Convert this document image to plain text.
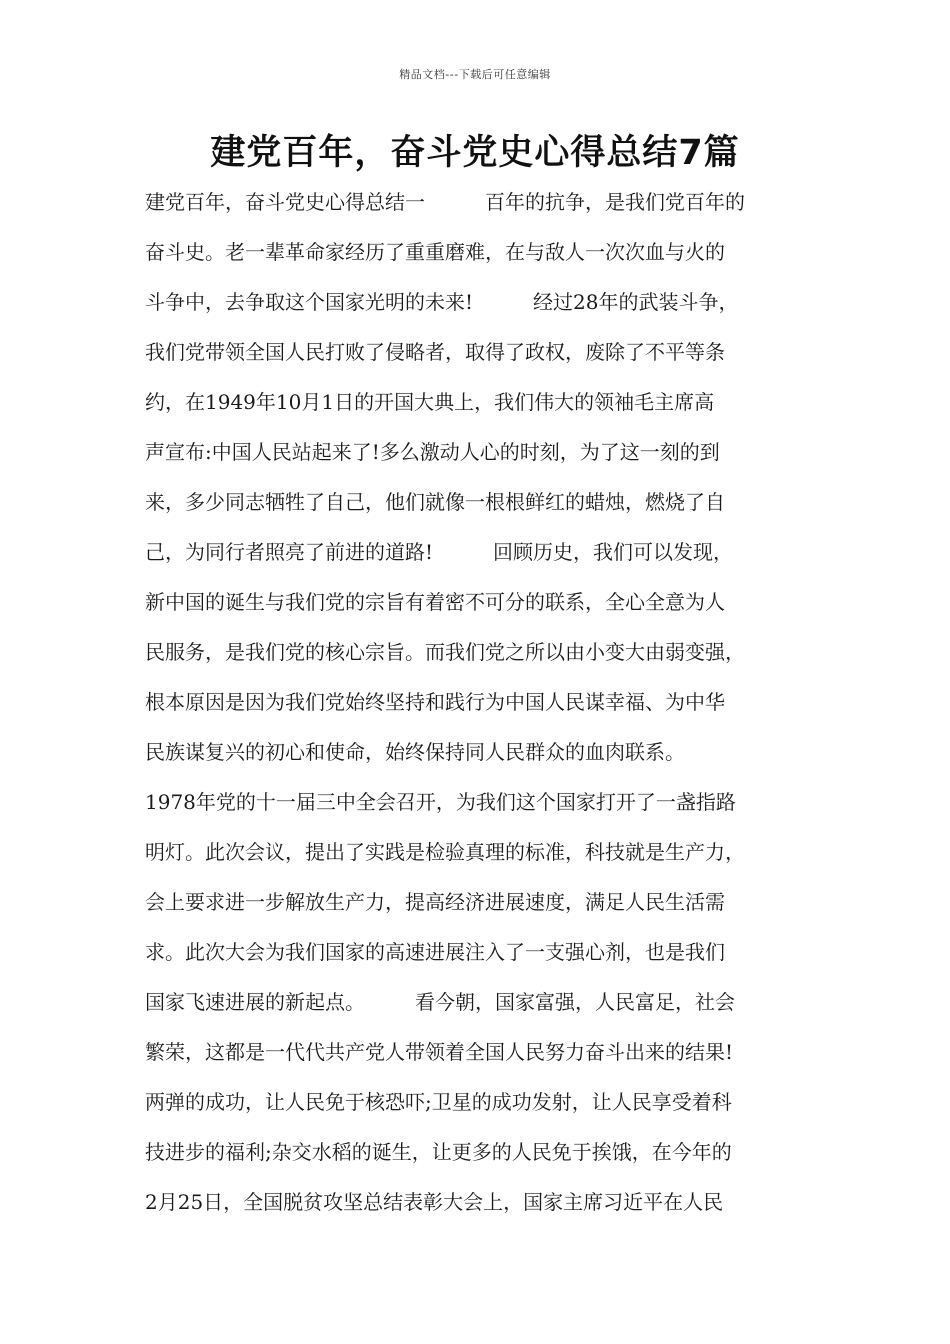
精品文档---下载后可任意编辑
建党百年，奋斗党史心得总结7篇
建党百年，奋斗党史心得总结一　　　百年的抗争，是我们党百年的
奋斗史。老一辈革命家经历了重重磨难，在与敌人一次次血与火的
斗争中，去争取这个国家光明的未来!　　　经过28年的武装斗争，
我们党带领全国人民打败了侵略者，取得了政权，废除了不平等条
约，在1949年10月1日的开国大典上，我们伟大的领袖毛主席高
声宣布:中国人民站起来了!多么激动人心的时刻，为了这一刻的到
来，多少同志牺牲了自己，他们就像一根根鲜红的蜡烛，燃烧了自
己，为同行者照亮了前进的道路!　　　回顾历史，我们可以发现，
新中国的诞生与我们党的宗旨有着密不可分的联系，全心全意为人
民服务，是我们党的核心宗旨。而我们党之所以由小变大由弱变强，
根本原因是因为我们党始终坚持和践行为中国人民谋幸福、为中华
民族谋复兴的初心和使命，始终保持同人民群众的血肉联系。
1978年党的十一届三中全会召开，为我们这个国家打开了一盏指路
明灯。此次会议，提出了实践是检验真理的标准，科技就是生产力，
会上要求进一步解放生产力，提高经济进展速度，满足人民生活需
求。此次大会为我们国家的高速进展注入了一支强心剂，也是我们
国家飞速进展的新起点。　　　看今朝，国家富强，人民富足，社会
繁荣，这都是一代代共产党人带领着全国人民努力奋斗出来的结果!
两弹的成功，让人民免于核恐吓;卫星的成功发射，让人民享受着科
技进步的福利;杂交水稻的诞生，让更多的人民免于挨饿，在今年的
2月25日，全国脱贫攻坚总结表彰大会上，国家主席习近平在人民
